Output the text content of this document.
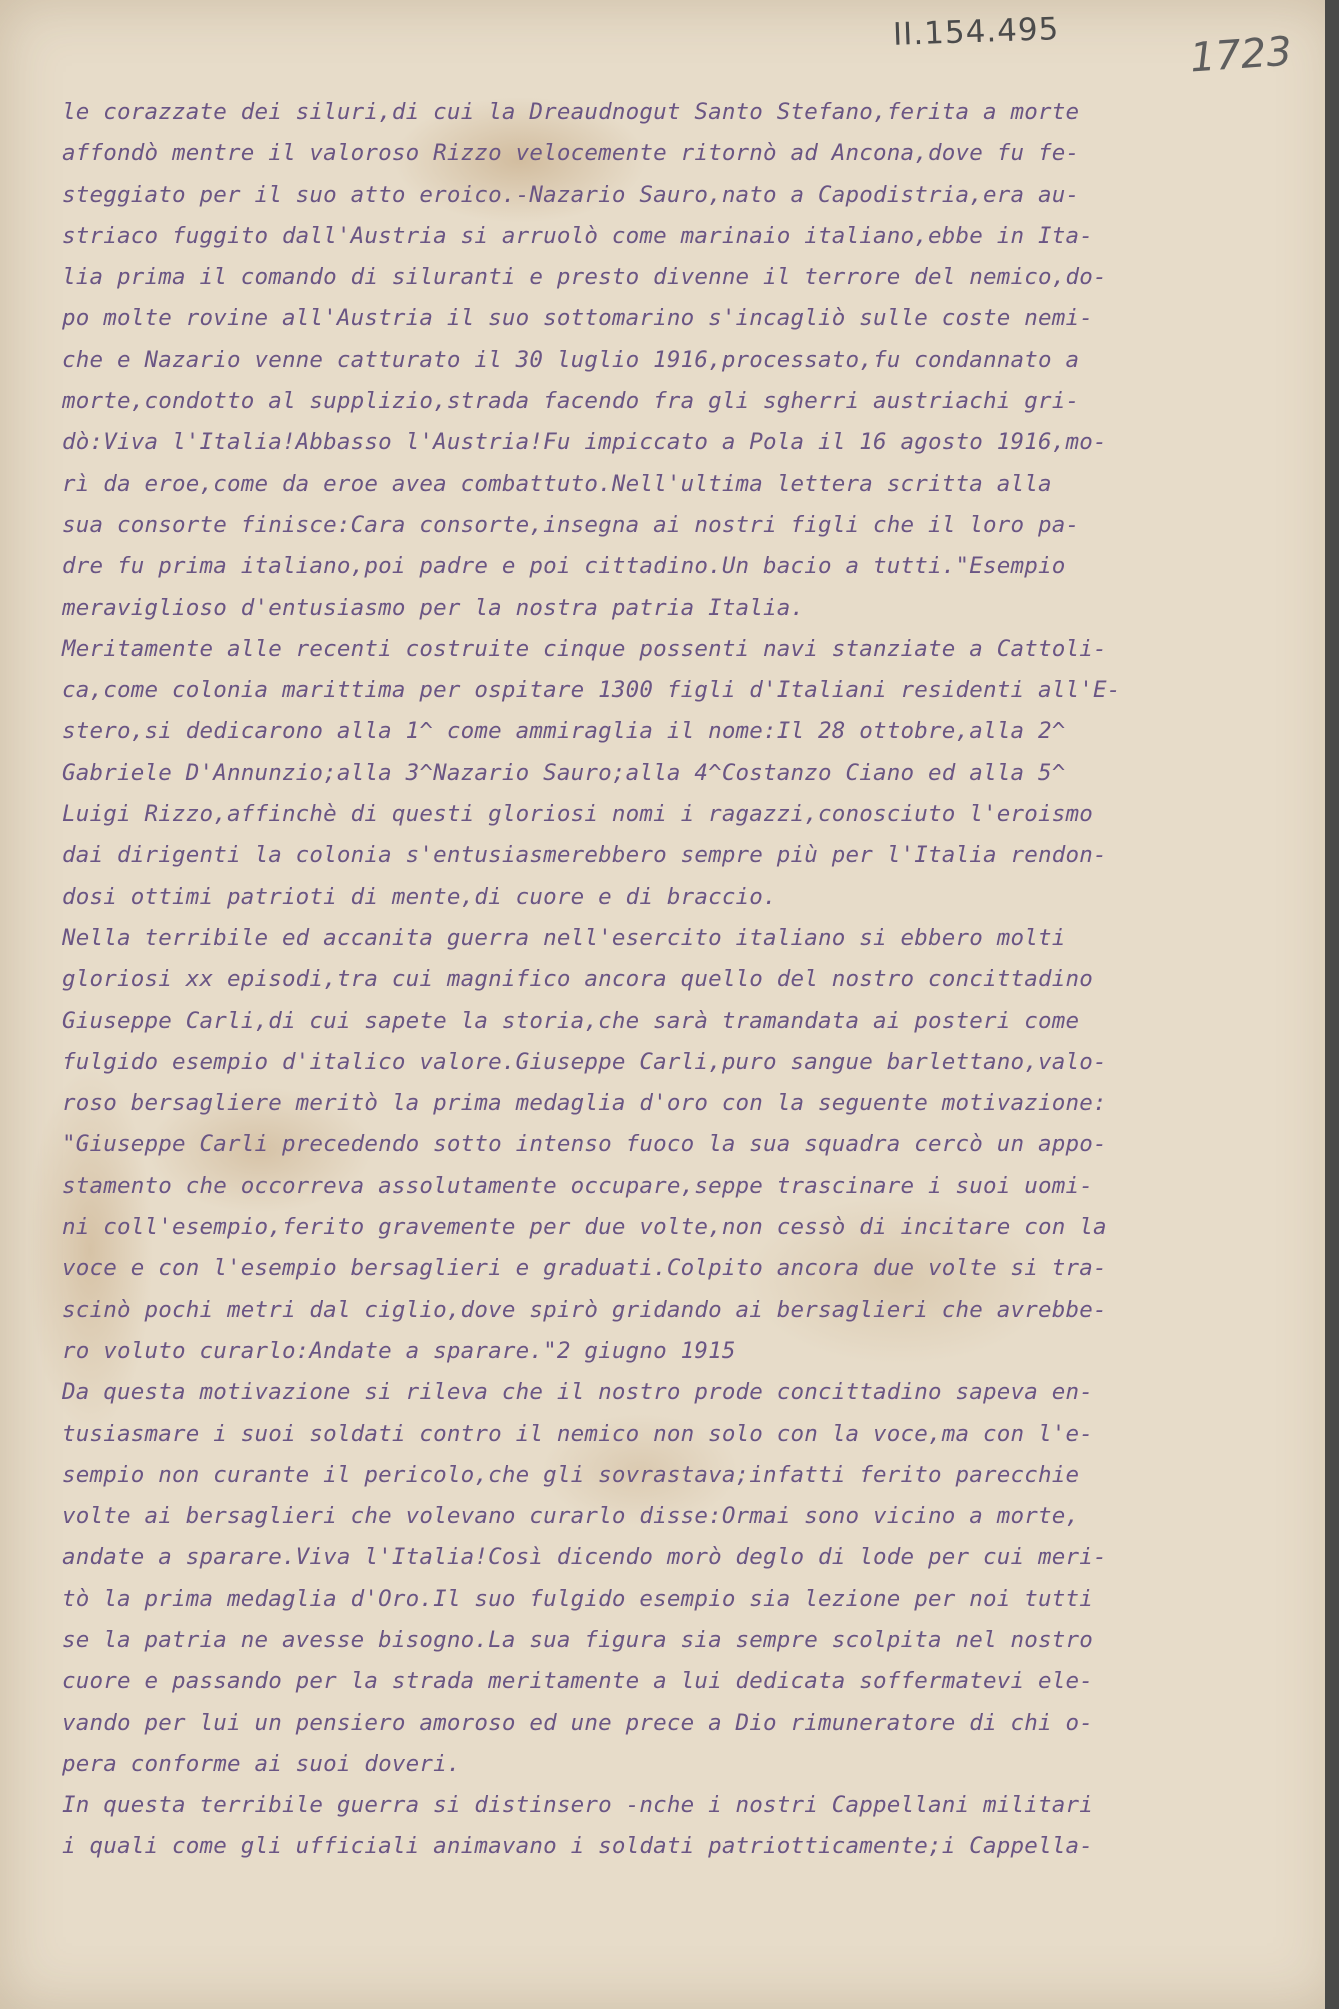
II.154.495	1723
le corazzate dei siluri,di cui la Dreaudnogut Santo Stefano,ferita a morte
affondò mentre il valoroso Rizzo velocemente ritornò ad Ancona,dove fu fe-
steggiato per il suo atto eroico.-Nazario Sauro,nato a Capodistria,era au-
striaco fuggito dall'Austria si arruolò come marinaio italiano,ebbe in Ita-
lia prima il comando di siluranti e presto divenne il terrore del nemico,do-
po molte rovine all'Austria il suo sottomarino s'incagliò sulle coste nemi-
che e Nazario venne catturato il 30 luglio 1916,processato,fu condannato a
morte,condotto al supplizio,strada facendo fra gli sgherri austriachi gri-
dò:Viva l'Italia!Abbasso l'Austria!Fu impiccato a Pola il 16 agosto 1916,mo-
rì da eroe,come da eroe avea combattuto.Nell'ultima lettera scritta alla
sua consorte finisce:Cara consorte,insegna ai nostri figli che il loro pa-
dre fu prima italiano,poi padre e poi cittadino.Un bacio a tutti."Esempio
meraviglioso d'entusiasmo per la nostra patria Italia.
Meritamente alle recenti costruite cinque possenti navi stanziate a Cattoli-
ca,come colonia marittima per ospitare 1300 figli d'Italiani residenti all'E-
stero,si dedicarono alla 1^ come ammiraglia il nome:Il 28 ottobre,alla 2^
Gabriele D'Annunzio;alla 3^Nazario Sauro;alla 4^Costanzo Ciano ed alla 5^
Luigi Rizzo,affinchè di questi gloriosi nomi i ragazzi,conosciuto l'eroismo
dai dirigenti la colonia s'entusiasmerebbero sempre più per l'Italia rendon-
dosi ottimi patrioti di mente,di cuore e di braccio.
Nella terribile ed accanita guerra nell'esercito italiano si ebbero molti
gloriosi xx episodi,tra cui magnifico ancora quello del nostro concittadino
Giuseppe Carli,di cui sapete la storia,che sarà tramandata ai posteri come
fulgido esempio d'italico valore.Giuseppe Carli,puro sangue barlettano,valo-
roso bersagliere meritò la prima medaglia d'oro con la seguente motivazione:
"Giuseppe Carli precedendo sotto intenso fuoco la sua squadra cercò un appo-
stamento che occorreva assolutamente occupare,seppe trascinare i suoi uomi-
ni coll'esempio,ferito gravemente per due volte,non cessò di incitare con la
voce e con l'esempio bersaglieri e graduati.Colpito ancora due volte si tra-
scinò pochi metri dal ciglio,dove spirò gridando ai bersaglieri che avrebbe-
ro voluto curarlo:Andate a sparare."2 giugno 1915
Da questa motivazione si rileva che il nostro prode concittadino sapeva en-
tusiasmare i suoi soldati contro il nemico non solo con la voce,ma con l'e-
sempio non curante il pericolo,che gli sovrastava;infatti ferito parecchie
volte ai bersaglieri che volevano curarlo disse:Ormai sono vicino a morte,
andate a sparare.Viva l'Italia!Così dicendo morò deglo di lode per cui meri-
tò la prima medaglia d'Oro.Il suo fulgido esempio sia lezione per noi tutti
se la patria ne avesse bisogno.La sua figura sia sempre scolpita nel nostro
cuore e passando per la strada meritamente a lui dedicata soffermatevi ele-
vando per lui un pensiero amoroso ed une prece a Dio rimuneratore di chi o-
pera conforme ai suoi doveri.
In questa terribile guerra si distinsero -nche i nostri Cappellani militari
i quali come gli ufficiali animavano i soldati patriotticamente;i Cappella-
